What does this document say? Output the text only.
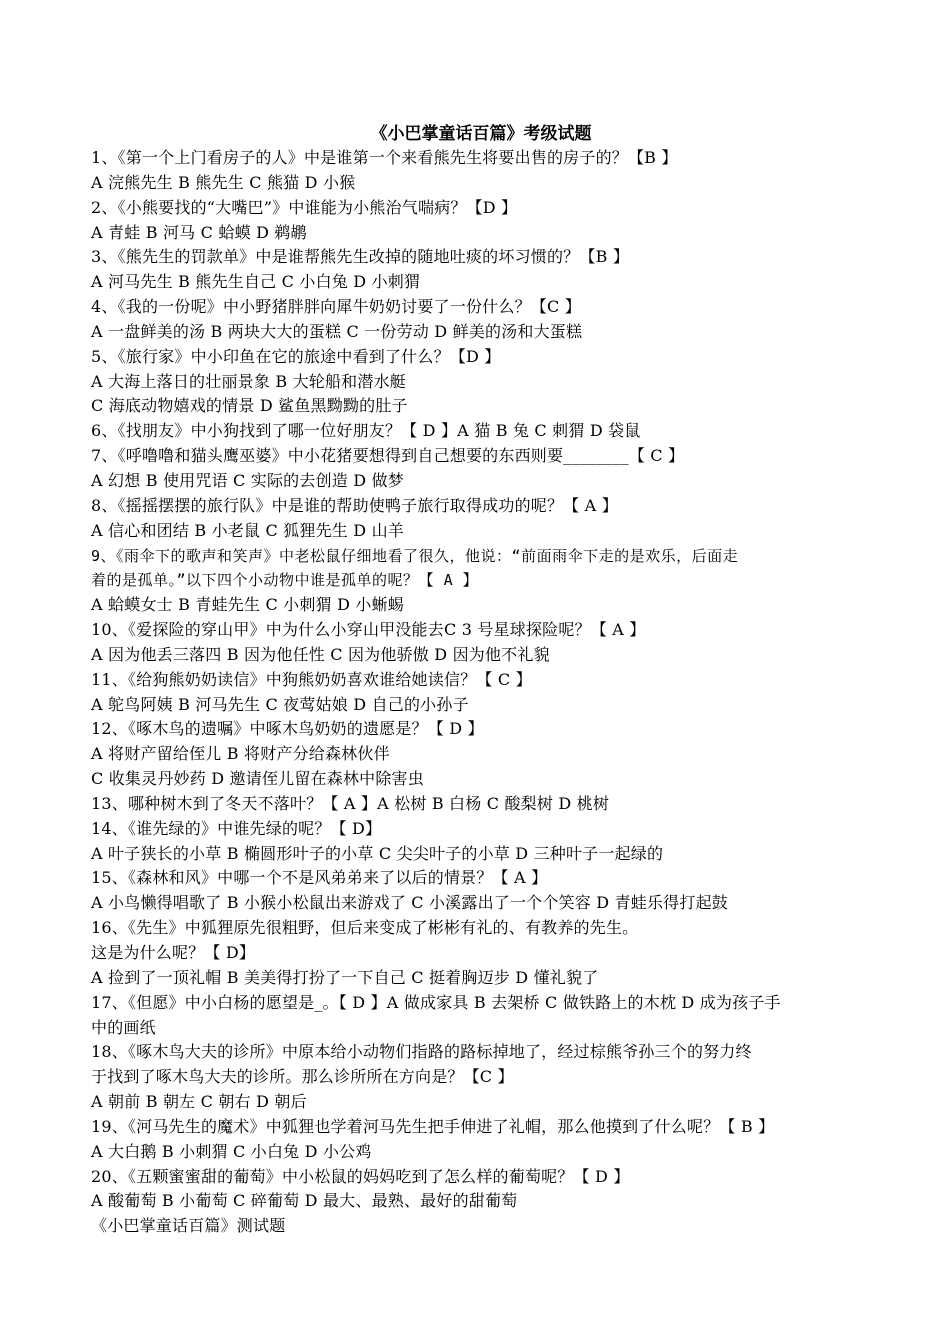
《小巴掌童话百篇》考级试题
1、《第一个上门看房子的人》中是谁第一个来看熊先生将要出售的房子的？【B 】
A 浣熊先生 B 熊先生 C 熊猫 D 小猴
2、《小熊要找的“大嘴巴”》中谁能为小熊治气喘病？【D 】
A 青蛙 B 河马 C 蛤蟆 D 鹈鹕
3、《熊先生的罚款单》中是谁帮熊先生改掉的随地吐痰的坏习惯的？【B 】
A 河马先生 B 熊先生自己 C 小白兔 D 小刺猬
4、《我的一份呢》中小野猪胖胖向犀牛奶奶讨要了一份什么？【C 】
A 一盘鲜美的汤 B 两块大大的蛋糕 C 一份劳动 D 鲜美的汤和大蛋糕
5、《旅行家》中小印鱼在它的旅途中看到了什么？【D 】
A 大海上落日的壮丽景象 B 大轮船和潜水艇
C 海底动物嬉戏的情景 D 鲨鱼黑黝黝的肚子
6、《找朋友》中小狗找到了哪一位好朋友？【 D 】A 猫 B 兔 C 刺猬 D 袋鼠
7、《呼噜噜和猫头鹰巫婆》中小花猪要想得到自己想要的东西则要________【 C 】
A 幻想 B 使用咒语 C 实际的去创造 D 做梦
8、《摇摇摆摆的旅行队》中是谁的帮助使鸭子旅行取得成功的呢？【 A 】
A 信心和团结 B 小老鼠 C 狐狸先生 D 山羊
9、《雨伞下的歌声和笑声》中老松鼠仔细地看了很久，他说：“前面雨伞下走的是欢乐，后面走
着的是孤单。”以下四个小动物中谁是孤单的呢？【 A 】
A 蛤蟆女士 B 青蛙先生 C 小刺猬 D 小蜥蜴
10、《爱探险的穿山甲》中为什么小穿山甲没能去C 3 号星球探险呢？【 A 】
A 因为他丢三落四 B 因为他任性 C 因为他骄傲 D 因为他不礼貌
11、《给狗熊奶奶读信》中狗熊奶奶喜欢谁给她读信？【 C 】
A 鸵鸟阿姨 B 河马先生 C 夜莺姑娘 D 自己的小孙子
12、《啄木鸟的遗嘱》中啄木鸟奶奶的遗愿是？【 D 】
A 将财产留给侄儿 B 将财产分给森林伙伴
C 收集灵丹妙药 D 邀请侄儿留在森林中除害虫
13、哪种树木到了冬天不落叶？【 A 】A 松树 B 白杨 C 酸梨树 D 桃树
14、《谁先绿的》中谁先绿的呢？【 D】
A 叶子狭长的小草 B 椭圆形叶子的小草 C 尖尖叶子的小草 D 三种叶子一起绿的
15、《森林和风》中哪一个不是风弟弟来了以后的情景？【 A 】
A 小鸟懒得唱歌了 B 小猴小松鼠出来游戏了 C 小溪露出了一个个笑容 D 青蛙乐得打起鼓
16、《先生》中狐狸原先很粗野，但后来变成了彬彬有礼的、有教养的先生。
这是为什么呢？【 D】
A 捡到了一顶礼帽 B 美美得打扮了一下自己 C 挺着胸迈步 D 懂礼貌了
17、《但愿》中小白杨的愿望是_。【 D 】A 做成家具 B 去架桥 C 做铁路上的木枕 D 成为孩子手
中的画纸
18、《啄木鸟大夫的诊所》中原本给小动物们指路的路标掉地了，经过棕熊爷孙三个的努力终
于找到了啄木鸟大夫的诊所。那么诊所所在方向是？【C 】
A 朝前 B 朝左 C 朝右 D 朝后
19、《河马先生的魔术》中狐狸也学着河马先生把手伸进了礼帽，那么他摸到了什么呢？【 B 】
A 大白鹅 B 小刺猬 C 小白兔 D 小公鸡
20、《五颗蜜蜜甜的葡萄》中小松鼠的妈妈吃到了怎么样的葡萄呢？【 D 】
A 酸葡萄 B 小葡萄 C 碎葡萄 D 最大、最熟、最好的甜葡萄
《小巴掌童话百篇》测试题
